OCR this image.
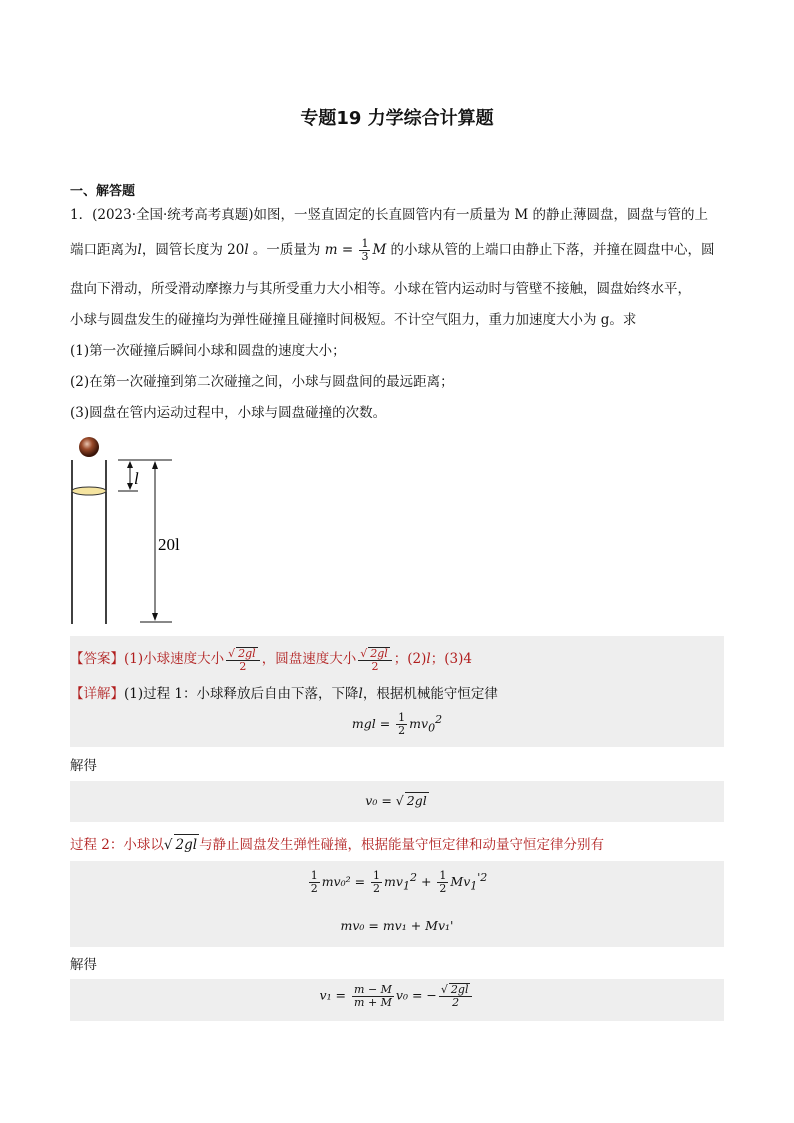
专题19 力学综合计算题
一、解答题
1．(2023·全国·统考高考真题)如图，一竖直固定的长直圆管内有一质量为 M 的静止薄圆盘，圆盘与管的上
端口距离为l，圆管长度为 20l 。一质量为 $m = \frac{1}{3}$ M 的小球从管的上端口由静止下落，并撞在圆盘中心，圆
盘向下滑动，所受滑动摩擦力与其所受重力大小相等。小球在管内运动时与管壁不接触，圆盘始终水平，
小球与圆盘发生的碰撞均为弹性碰撞且碰撞时间极短。不计空气阻力，重力加速度大小为 g。求
(1)第一次碰撞后瞬间小球和圆盘的速度大小；
(2)在第一次碰撞到第二次碰撞之间，小球与圆盘间的最远距离；
(3)圆盘在管内运动过程中，小球与圆盘碰撞的次数。
l
20l
【答案】(1)小球速度大小 $\frac{√ 2gl}{2}$ ，圆盘速度大小 $\frac{√ 2gl}{2}$ ；(2)l；(3)4
【详解】(1)过程 1：小球释放后自由下落，下降l，根据机械能守恒定律
mgl = $\frac{1}{2} mv_0^2$
解得
v₀ = √ 2gl
过程 2：小球以√ 2gl 与静止圆盘发生弹性碰撞，根据能量守恒定律和动量守恒定律分别有
$\frac{1}{2} mv_0^2 = \frac{1}{2} mv_1^2 + \frac{1}{2} Mv_1^{'2}$
mv₀ = mv₁ + Mv₁'
解得
$v_1 = \frac{m - M}{m + M} v_0$ = − $\frac{√ 2gl}{2}$
